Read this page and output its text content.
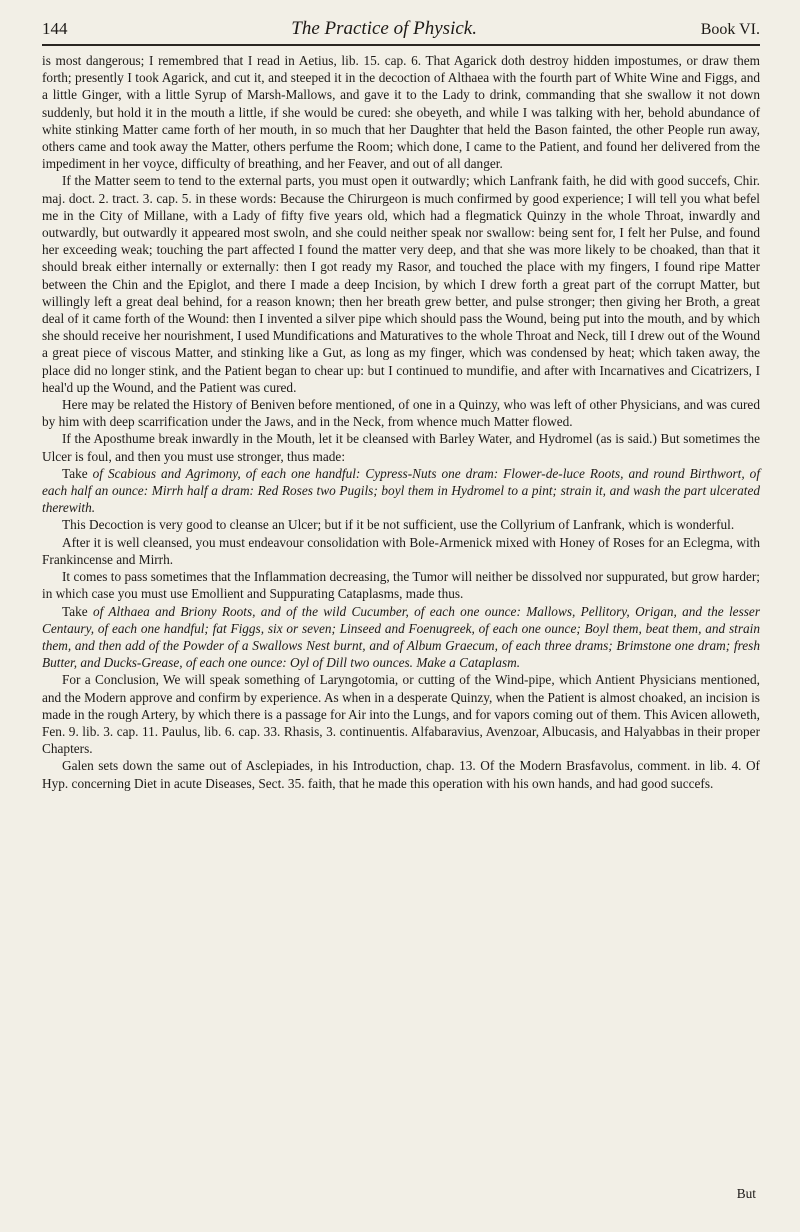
144	The Practice of Physick.	Book VI.

is most dangerous; I remembred that I read in Aetius, lib. 15. cap. 6. That Agarick doth destroy hidden impostumes, or draw them forth; presently I took Agarick, and cut it, and steeped it in the decoction of Althaea with the fourth part of White Wine and Figgs, and a little Ginger, with a little Syrup of Marsh-Mallows, and gave it to the Lady to drink, commanding that she swallow it not down suddenly, but hold it in the mouth a little, if she would be cured: she obeyeth, and while I was talking with her, behold abundance of white stinking Matter came forth of her mouth, in so much that her Daughter that held the Bason fainted, the other People run away, others came and took away the Matter, others perfume the Room; which done, I came to the Patient, and found her delivered from the impediment in her voyce, difficulty of breathing, and her Feaver, and out of all danger.

If the Matter seem to tend to the external parts, you must open it outwardly; which Lanfrank faith, he did with good succefs, Chir. maj. doct. 2. tract. 3. cap. 5. in these words: Because the Chirurgeon is much confirmed by good experience; I will tell you what befel me in the City of Millane, with a Lady of fifty five years old, which had a flegmatick Quinzy in the whole Throat, inwardly and outwardly, but outwardly it appeared most swoln, and she could neither speak nor swallow: being sent for, I felt her Pulse, and found her exceeding weak; touching the part affected I found the matter very deep, and that she was more likely to be choaked, than that it should break either internally or externally: then I got ready my Rasor, and touched the place with my fingers, I found ripe Matter between the Chin and the Epiglot, and there I made a deep Incision, by which I drew forth a great part of the corrupt Matter, but willingly left a great deal behind, for a reason known; then her breath grew better, and pulse stronger; then giving her Broth, a great deal of it came forth of the Wound: then I invented a silver pipe which should pass the Wound, being put into the mouth, and by which she should receive her nourishment, I used Mundifications and Maturatives to the whole Throat and Neck, till I drew out of the Wound a great piece of viscous Matter, and stinking like a Gut, as long as my finger, which was condensed by heat; which taken away, the place did no longer stink, and the Patient began to chear up: but I continued to mundifie, and after with Incarnatives and Cicatrizers, I heal'd up the Wound, and the Patient was cured.

Here may be related the History of Beniven before mentioned, of one in a Quinzy, who was left of other Physicians, and was cured by him with deep scarrification under the Jaws, and in the Neck, from whence much Matter flowed.

If the Aposthume break inwardly in the Mouth, let it be cleansed with Barley Water, and Hydromel (as is said.) But sometimes the Ulcer is foul, and then you must use stronger, thus made:

Take of Scabious and Agrimony, of each one handful: Cypress-Nuts one dram: Flower-de-luce Roots, and round Birthwort, of each half an ounce: Mirrh half a dram: Red Roses two Pugils; boyl them in Hydromel to a pint; strain it, and wash the part ulcerated therewith.

This Decoction is very good to cleanse an Ulcer; but if it be not sufficient, use the Collyrium of Lanfrank, which is wonderful.

After it is well cleansed, you must endeavour consolidation with Bole-Armenick mixed with Honey of Roses for an Eclegma, with Frankincense and Mirrh.

It comes to pass sometimes that the Inflammation decreasing, the Tumor will neither be dissolved nor suppurated, but grow harder; in which case you must use Emollient and Suppurating Cataplasms, made thus.

Take of Althaea and Briony Roots, and of the wild Cucumber, of each one ounce: Mallows, Pellitory, Origan, and the lesser Centaury, of each one handful; fat Figgs, six or seven; Linseed and Foenugreek, of each one ounce; Boyl them, beat them, and strain them, and then add of the Powder of a Swallows Nest burnt, and of Album Graecum, of each three drams; Brimstone one dram; fresh Butter, and Ducks-Grease, of each one ounce: Oyl of Dill two ounces. Make a Cataplasm.

For a Conclusion, We will speak something of Laryngotomia, or cutting of the Wind-pipe, which Antient Physicians mentioned, and the Modern approve and confirm by experience. As when in a desperate Quinzy, when the Patient is almost choaked, an incision is made in the rough Artery, by which there is a passage for Air into the Lungs, and for vapors coming out of them. This Avicen alloweth, Fen. 9. lib. 3. cap. 11. Paulus, lib. 6. cap. 33. Rhasis, 3. continuentis. Alfabaravius, Avenzoar, Albucasis, and Halyabbas in their proper Chapters.

Galen sets down the same out of Asclepiades, in his Introduction, chap. 13. Of the Modern Brasfavolus, comment. in lib. 4. Of Hyp. concerning Diet in acute Diseases, Sect. 35. faith, that he made this operation with his own hands, and had good succefs.

But
